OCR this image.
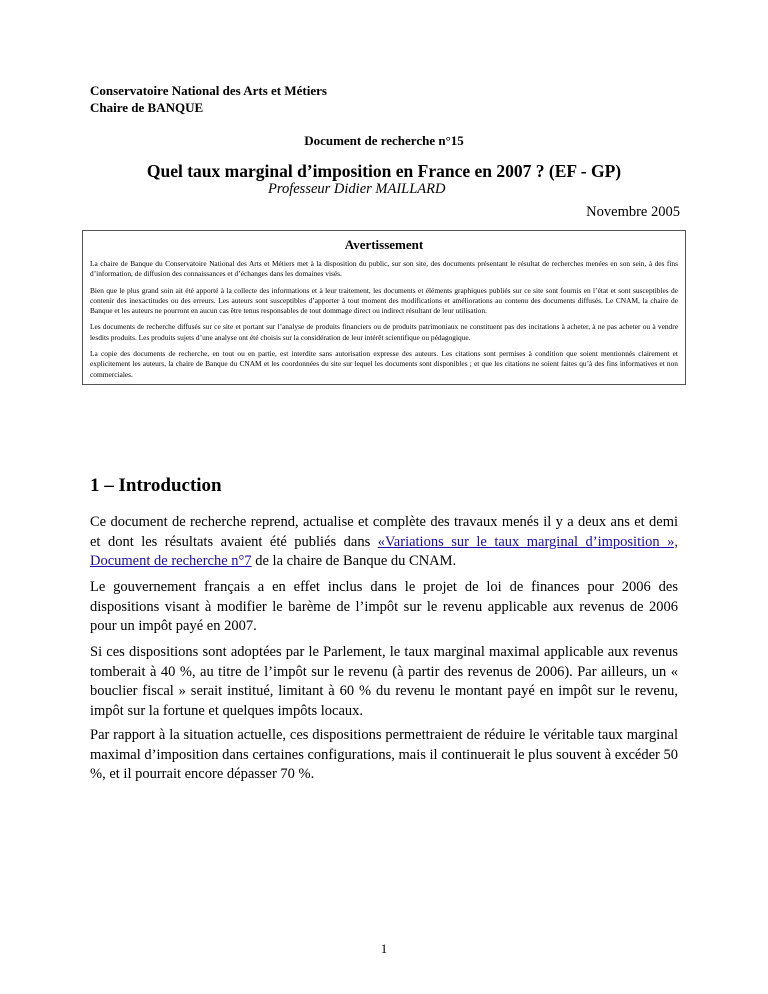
Conservatoire National des Arts et Métiers
Chaire de BANQUE
Document de recherche n°15
Quel taux marginal d’imposition en France en 2007 ? (EF - GP)
Professeur Didier MAILLARD
Novembre 2005
Avertissement

La chaire de Banque du Conservatoire National des Arts et Métiers met à la disposition du public, sur son site, des documents présentant le résultat de recherches menées en son sein, à des fins d’information, de diffusion des connaissances et d’échanges dans les domaines visés.

Bien que le plus grand soin ait été apporté à la collecte des informations et à leur traitement, les documents et éléments graphiques publiés sur ce site sont fournis en l’état et sont susceptibles de contenir des inexactitudes ou des erreurs. Les auteurs sont susceptibles d’apporter à tout moment des modifications et améliorations au contenu des documents diffusés. Le CNAM, la chaire de Banque et les auteurs ne pourront en aucun cas être tenus responsables de tout dommage direct ou indirect résultant de leur utilisation.

Les documents de recherche diffusés sur ce site et portant sur l’analyse de produits financiers ou de produits patrimoniaux ne constituent pas des incitations à acheter, à ne pas acheter ou à vendre lesdits produits. Les produits sujets d’une analyse ont été choisis sur la considération de leur intérêt scientifique ou pédagogique.

La copie des documents de recherche, en tout ou en partie, est interdite sans autorisation expresse des auteurs. Les citations sont permises à condition que soient mentionnés clairement et explicitement les auteurs, la chaire de Banque du CNAM et les coordonnées du site sur lequel les documents sont disponibles ; et que les citations ne soient faites qu’à des fins informatives et non commerciales.

1 – Introduction

Ce document de recherche reprend, actualise et complète des travaux menés il y a deux ans et demi et dont les résultats avaient été publiés dans «Variations sur le taux marginal d’imposition », Document de recherche n°7 de la chaire de Banque du CNAM.

Le gouvernement français a en effet inclus dans le projet de loi de finances pour 2006 des dispositions visant à modifier le barème de l’impôt sur le revenu applicable aux revenus de 2006 pour un impôt payé en 2007.

Si ces dispositions sont adoptées par le Parlement, le taux marginal maximal applicable aux revenus tomberait à 40 %, au titre de l’impôt sur le revenu (à partir des revenus de 2006). Par ailleurs, un « bouclier fiscal » serait institué, limitant à 60 % du revenu le montant payé en impôt sur le revenu, impôt sur la fortune et quelques impôts locaux.

Par rapport à la situation actuelle, ces dispositions permettraient de réduire le véritable taux marginal maximal d’imposition dans certaines configurations, mais il continuerait le plus souvent à excéder 50 %, et il pourrait encore dépasser 70 %.

1
